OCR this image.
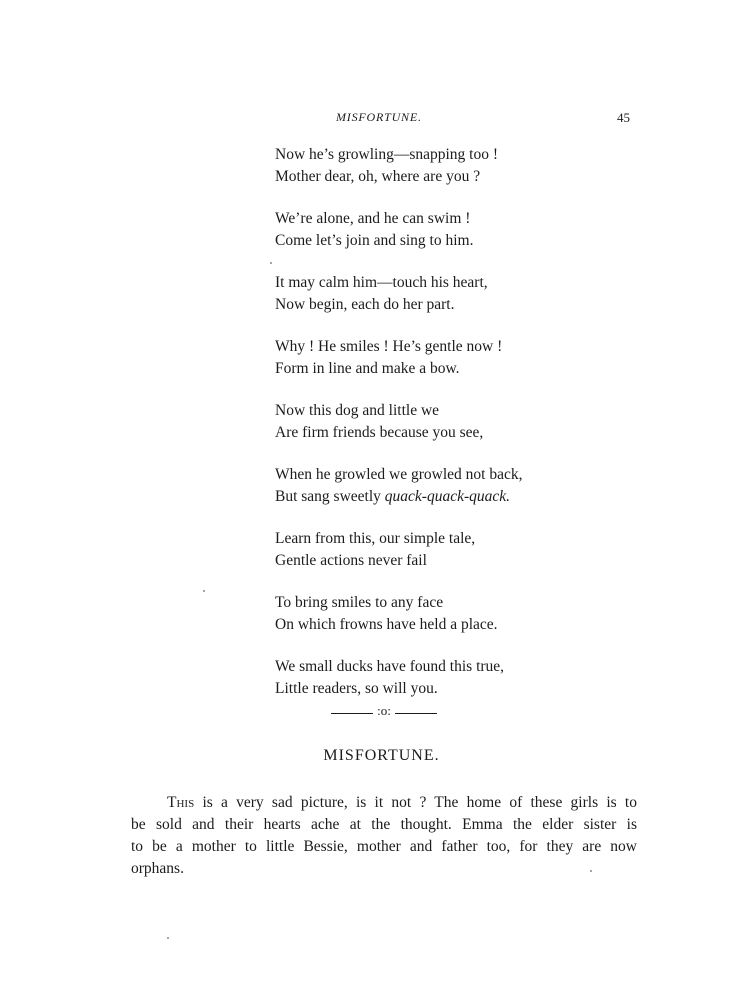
MISFORTUNE.	45
Now he’s growling—snapping too !
Mother dear, oh, where are you ?
We’re alone, and he can swim !
Come let’s join and sing to him.
It may calm him—touch his heart,
Now begin, each do her part.
Why ! He smiles ! He’s gentle now !
Form in line and make a bow.
Now this dog and little we
Are firm friends because you see,
When he growled we growled not back,
But sang sweetly quack-quack-quack.
Learn from this, our simple tale,
Gentle actions never fail
To bring smiles to any face
On which frowns have held a place.
We small ducks have found this true,
Little readers, so will you.
:o:
MISFORTUNE.
This is a very sad picture, is it not ? The home of these girls is to
be sold and their hearts ache at the thought. Emma the elder sister is
to be a mother to little Bessie, mother and father too, for they are now
orphans.
